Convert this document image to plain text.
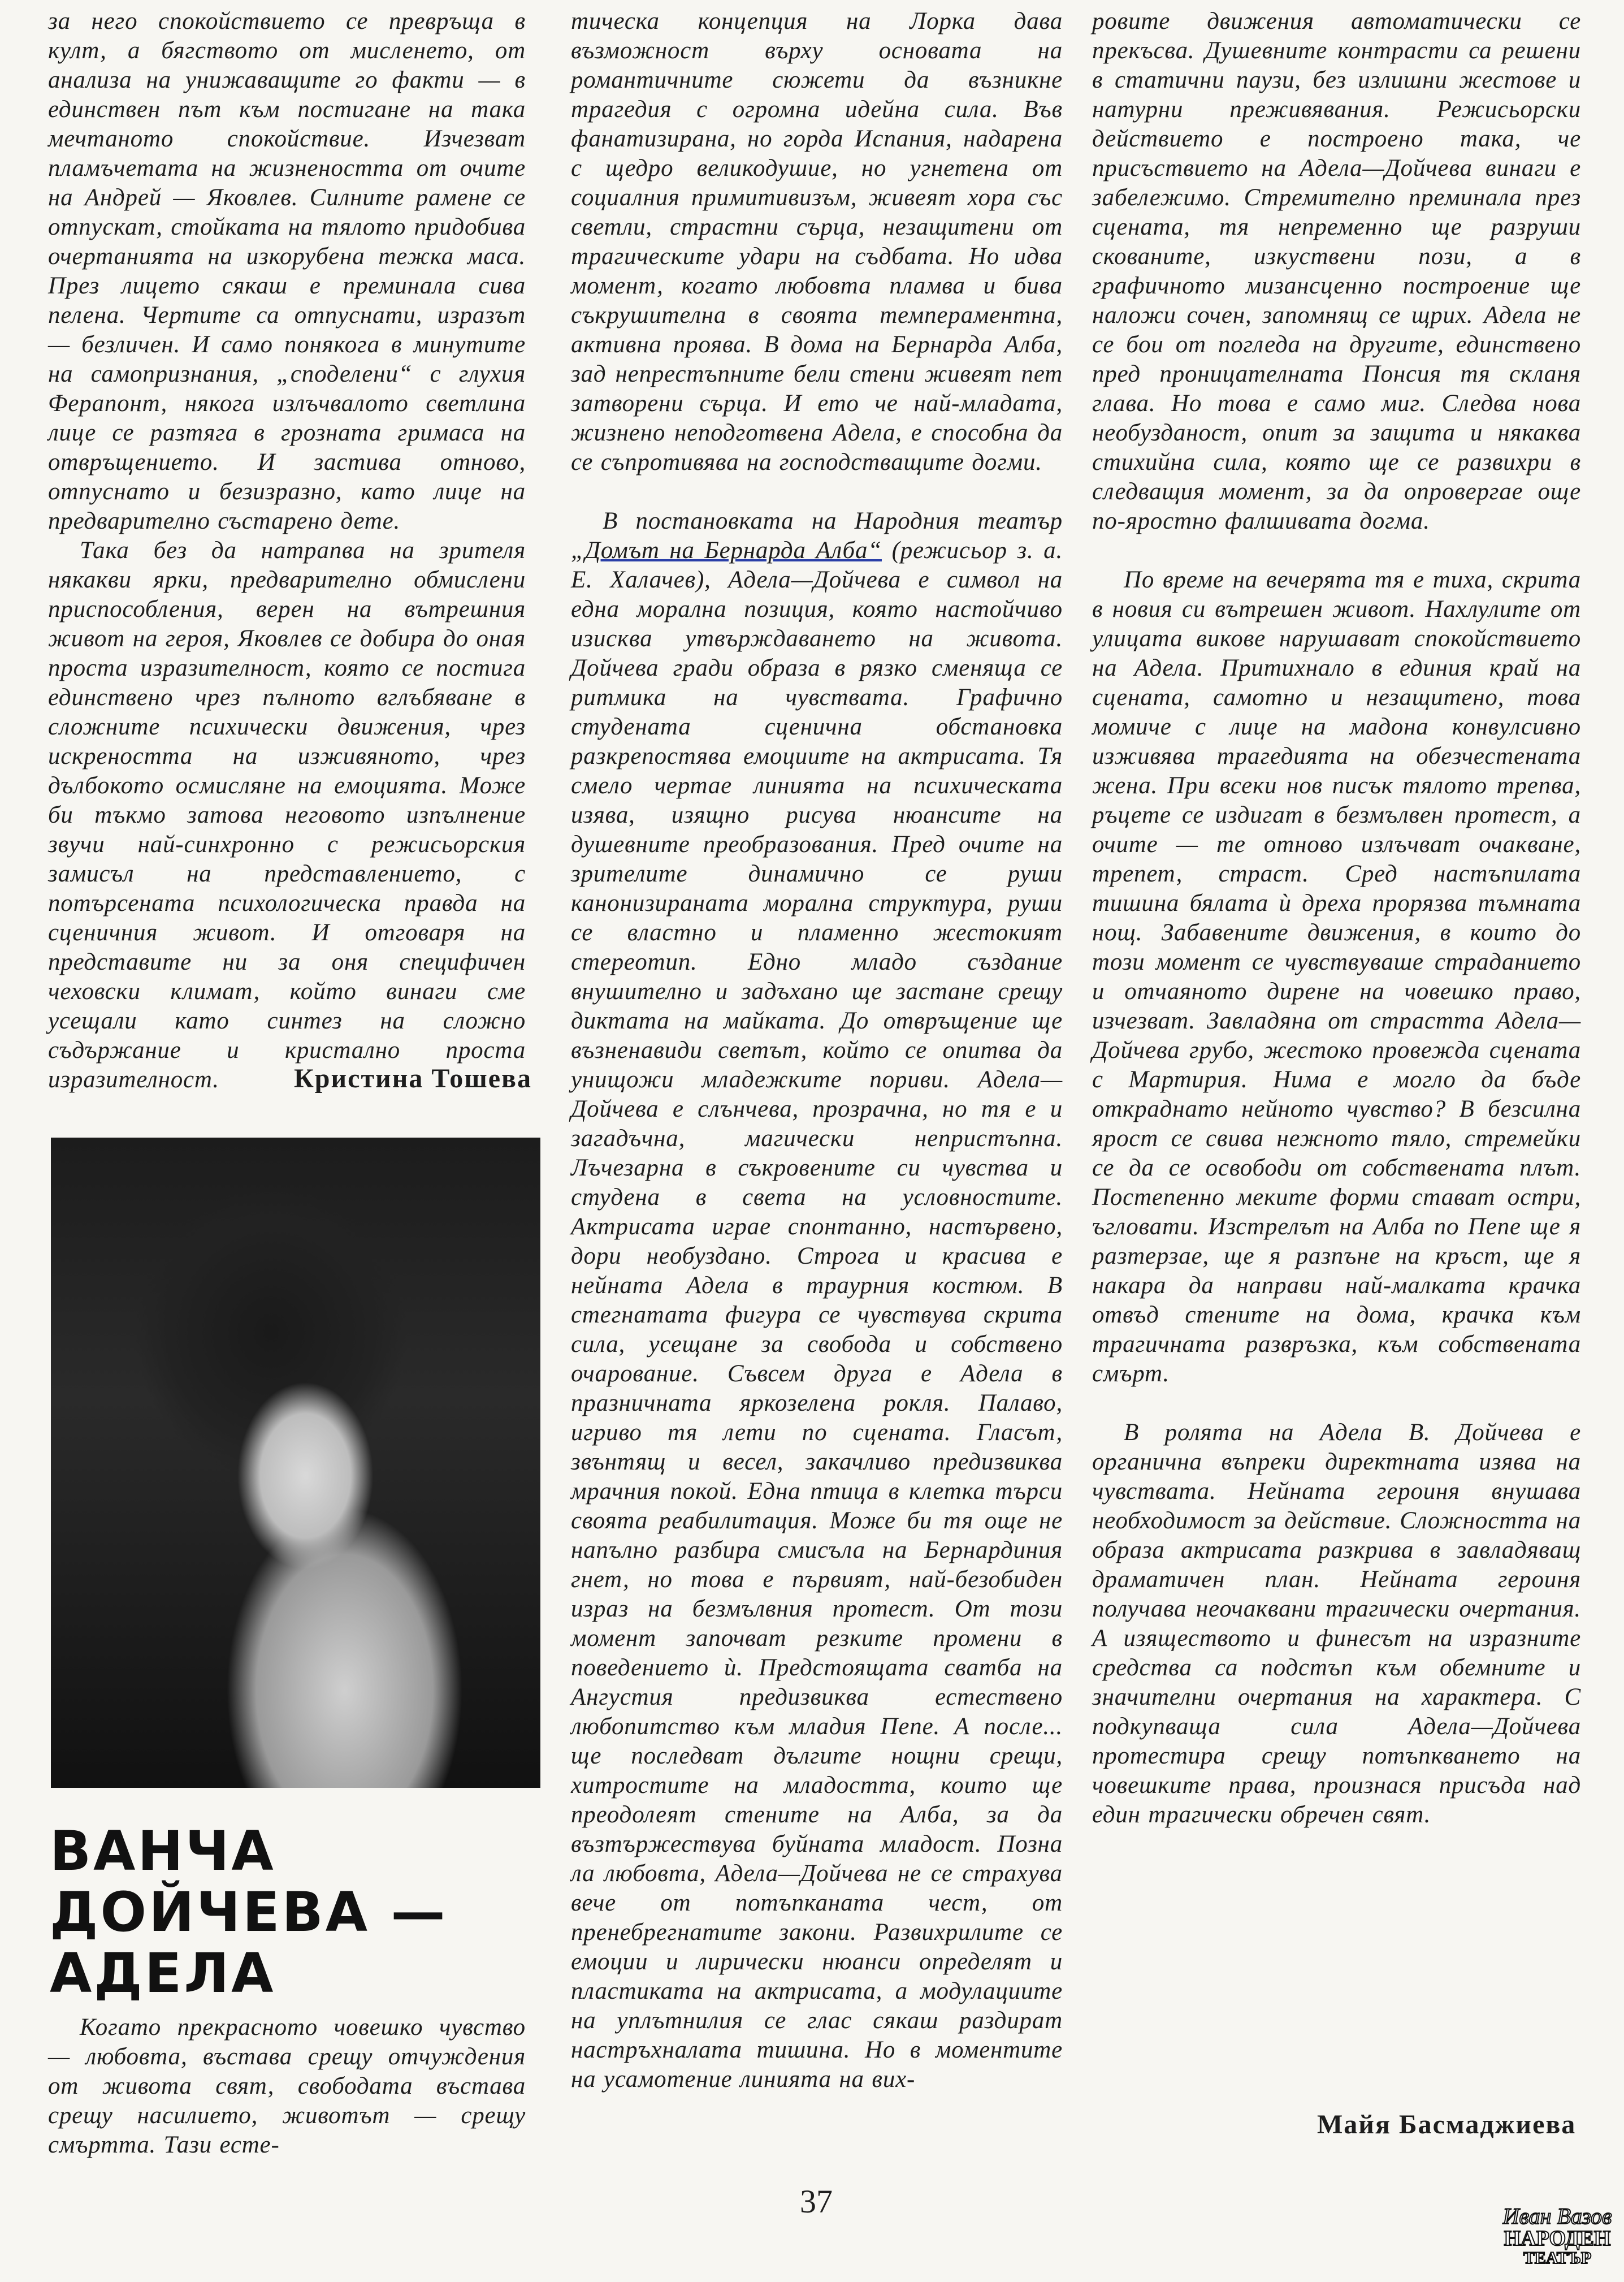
за него спокойствието се превръща в култ, а бягството от мисленето, от анализа на унижаващите го факти — в единствен път към постигане на така мечтаното спокойствие. Изчезват пламъчетата на жизнеността от очите на Андрей — Яковлев. Силните рамене се отпускат, стойката на тялото придобива очертанията на изкорубена тежка маса. През лицето сякаш е преминала сива пелена. Чертите са отпуснати, изразът — безличен. И само понякога в минутите на самопризнания, „споделени“ с глухия Ферапонт, някога излъчвалото светлина лице се разтяга в грозната гримаса на отвръщението. И застива отново, отпуснато и безизразно, като лице на предварително състарено дете.

Така без да натрапва на зрителя някакви ярки, предварително обмислени приспособления, верен на вътрешния живот на героя, Яковлев се добира до оная проста изразителност, която се постига единствено чрез пълното вглъбяване в сложните психически движения, чрез искреността на изживяното, чрез дълбокото осмисляне на емоцията. Може би тъкмо затова неговото изпълнение звучи най-синхронно с режисьорския замисъл на представлението, с потърсената психологическа правда на сценичния живот. И отговаря на представите ни за оня специфичен чеховски климат, който винаги сме усещали като синтез на сложно съдържание и кристално проста изразителност.	Кристина Тошева
ВАНЧА
ДОЙЧЕВА —
АДЕЛА

Когато прекрасното човешко чувство — любовта, въстава срещу отчуждения от живота свят, свободата въстава срещу насилието, животът — срещу смъртта. Тази есте-

тическа концепция на Лорка дава възможност върху основата на романтичните сюжети да възникне трагедия с огромна идейна сила. Във фанатизирана, но горда Испания, надарена с щедро великодушие, но угнетена от социалния примитивизъм, живеят хора със светли, страстни сърца, незащитени от трагическите удари на съдбата. Но идва момент, когато любовта пламва и бива съкрушителна в своята темпераментна, активна проява. В дома на Бернарда Алба, зад непрестъпните бели стени живеят пет затворени сърца. И ето че най-младата, жизнено неподготвена Адела, е способна да се съпротивява на господстващите догми.

В постановката на Народния театър „Домът на Бернарда Алба“ (режисьор з. а. Е. Халачев), Адела—Дойчева е символ на една морална позиция, която настойчиво изисква утвърждаването на живота. Дойчева гради образа в рязко сменяща се ритмика на чувствата. Графично студената сценична обстановка разкрепостява емоциите на актрисата. Тя смело чертае линията на психическата изява, изящно рисува нюансите на душевните преобразования. Пред очите на зрителите динамично се руши канонизираната морална структура, руши се властно и пламенно жестокият стереотип. Едно младо създание внушително и задъхано ще застане срещу диктата на майката. До отвръщение ще възненавиди светът, който се опитва да унищожи младежките пориви. Адела—Дойчева е слънчева, прозрачна, но тя е и загадъчна, магически непристъпна. Лъчезарна в съкровените си чувства и студена в света на условностите. Актрисата играе спонтанно, настървено, дори необуздано. Строга и красива е нейната Адела в траурния костюм. В стегнатата фигура се чувствува скрита сила, усещане за свобода и собствено очарование. Съвсем друга е Адела в празничната яркозелена рокля. Палаво, игриво тя лети по сцената. Гласът, звънтящ и весел, закачливо предизвиква мрачния покой. Една птица в клетка търси своята реабилитация. Може би тя още не напълно разбира смисъла на Бернардиния гнет, но това е първият, най-безобиден израз на безмълвния протест. От този момент започват резките промени в поведението ѝ. Предстоящата сватба на Ангустия предизвиква естествено любопитство към младия Пепе. А после... ще последват дългите нощни срещи, хитростите на младостта, които ще преодолеят стените на Алба, за да възтържествува буйната младост. Позна ла любовта, Адела—Дойчева не се страхува вече от потъпканата чест, от пренебрегнатите закони. Развихрилите се емоции и лирически нюанси определят и пластиката на актрисата, а модулациите на уплътнилия се глас сякаш раздират настръхналата тишина. Но в моментите на усамотение линията на вих-

ровите движения автоматически се прекъсва. Душевните контрасти са решени в статични паузи, без излишни жестове и натурни преживявания. Режисьорски действието е построено така, че присъствието на Адела—Дойчева винаги е забележимо. Стремително преминала през сцената, тя непременно ще разруши скованите, изкуствени пози, а в графичното мизансценно построение ще наложи сочен, запомнящ се щрих. Адела не се бои от погледа на другите, единствено пред проницателната Понсия тя скланя глава. Но това е само миг. Следва нова необузданост, опит за защита и някаква стихийна сила, която ще се развихри в следващия момент, за да опровергае още по-яростно фалшивата догма.

По време на вечерята тя е тиха, скрита в новия си вътрешен живот. Нахлулите от улицата викове нарушават спокойствието на Адела. Притихнало в единия край на сцената, самотно и незащитено, това момиче с лице на мадона конвулсивно изживява трагедията на обезчестената жена. При всеки нов писък тялото трепва, ръцете се издигат в безмълвен протест, а очите — те отново излъчват очакване, трепет, страст. Сред настъпилата тишина бялата ѝ дреха прорязва тъмната нощ. Забавените движения, в които до този момент се чувствуваше страданието и отчаяното дирене на човешко право, изчезват. Завладяна от страстта Адела—Дойчева грубо, жестоко провежда сцената с Мартирия. Нима е могло да бъде откраднато нейното чувство? В безсилна ярост се свива нежното тяло, стремейки се да се освободи от собствената плът. Постепенно меките форми стават остри, ъгловати. Изстрелът на Алба по Пепе ще я разтерзае, ще я разпъне на кръст, ще я накара да направи най-малката крачка отвъд стените на дома, крачка към трагичната развръзка, към собствената смърт.

В ролята на Адела В. Дойчева е органична въпреки директната изява на чувствата. Нейната героиня внушава необходимост за действие. Сложността на образа актрисата разкрива в завладяващ драматичен план. Нейната героиня получава неочаквани трагически очертания. А изяществото и финесът на изразните средства са подстъп към обемните и значителни очертания на характера. С подкупваща сила Адела—Дойчева протестира срещу потъпкването на човешките права, произнася присъда над един трагически обречен свят.

Майя Басмаджиева
37	Иван Вазов
НАРОДЕН
ТЕАТЪР
